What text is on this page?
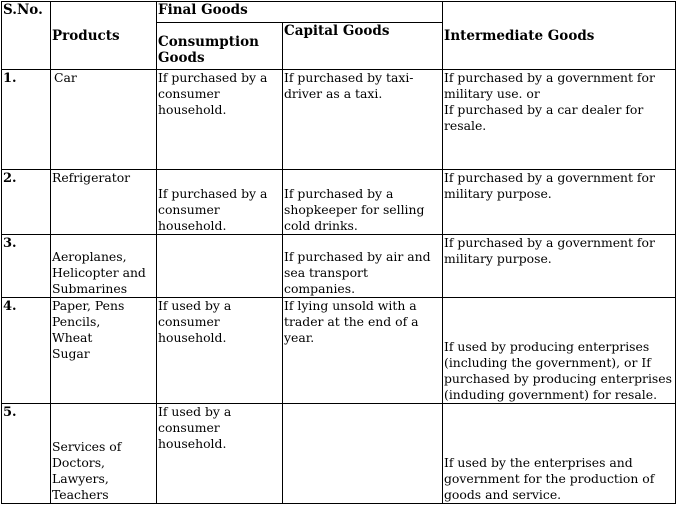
S.No.	Products	Final Goods		Intermediate Goods
		Consumption Goods	Capital Goods	
1.	Car	If purchased by a consumer household.	If purchased by taxi-driver as a taxi.	If purchased by a government for military use. or
If purchased by a car dealer for resale.

2.	Refrigerator	If purchased by a consumer household.	If purchased by a shopkeeper for selling cold drinks.	If purchased by a government for military purpose.

3.	Aeroplanes, Helicopter and Submarines		If purchased by air and sea transport companies.	If purchased by a government for military purpose.

4.	Paper, Pens
Pencils,
Wheat
Sugar	If used by a consumer household.	If lying unsold with a trader at the end of a year.	If used by producing enterprises (including the government), or If purchased by producing enterprises (induding government) for resale.

5.	Services of Doctors, Lawyers, Teachers	If used by a consumer household.		If used by the enterprises and government for the production of goods and service.
